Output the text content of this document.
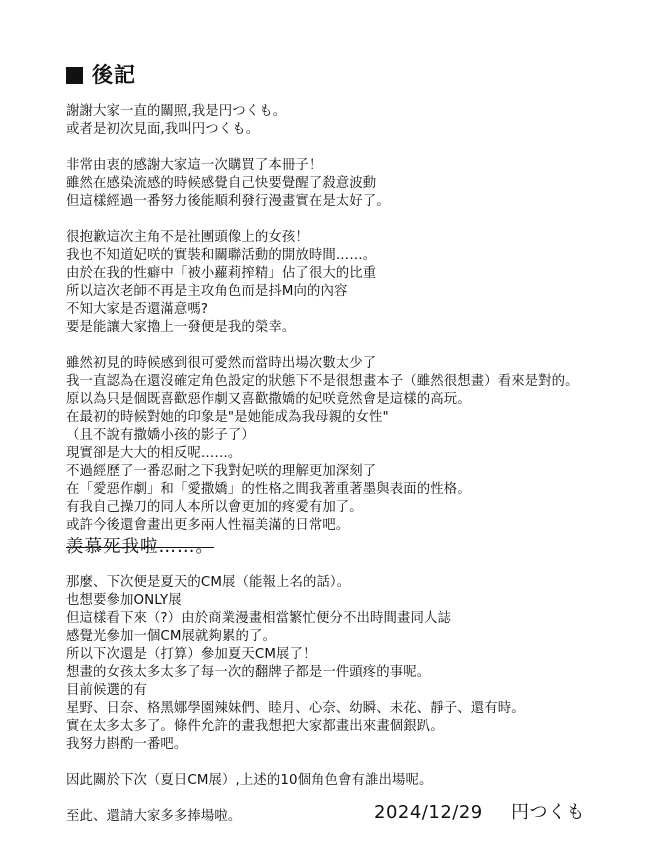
後記
謝謝大家一直的關照,我是円つくも。
或者是初次見面,我叫円つくも。
非常由衷的感謝大家這一次購買了本冊子！
雖然在感染流感的時候感覺自己快要覺醒了殺意波動
但這樣經過一番努力後能順利發行漫畫實在是太好了。
很抱歉這次主角不是社團頭像上的女孩！
我也不知道妃咲的實裝和關聯活動的開放時間……。
由於在我的性癖中「被小蘿莉搾精」佔了很大的比重
所以這次老師不再是主攻角色而是抖M向的內容
不知大家是否還滿意嗎?
要是能讓大家擼上一發便是我的榮幸。
雖然初見的時候感到很可愛然而當時出場次數太少了
我一直認為在還沒確定角色設定的狀態下不是很想畫本子（雖然很想畫）看來是對的。
原以為只是個既喜歡惡作劇又喜歡撒嬌的妃咲竟然會是這樣的高玩。
在最初的時候對她的印象是"是她能成為我母親的女性"
（且不說有撒嬌小孩的影子了）
現實卻是大大的相反呢……。
不過經歷了一番忍耐之下我對妃咲的理解更加深刻了
在「愛惡作劇」和「愛撒嬌」的性格之間我著重著墨與表面的性格。
有我自己操刀的同人本所以會更加的疼愛有加了。
或許今後還會畫出更多兩人性福美滿的日常吧。
羨慕死我啦……。
那麼、下次便是夏天的CM展（能報上名的話）。
也想要參加ONLY展
但這樣看下來（?）由於商業漫畫相當繁忙便分不出時間畫同人誌
感覺光參加一個CM展就夠累的了。
所以下次還是（打算）參加夏天CM展了！
想畫的女孩太多太多了每一次的翻牌子都是一件頭疼的事呢。
目前候選的有
星野、日奈、格黑娜學園辣妹們、睦月、心奈、幼瞬、未花、靜子、還有時。
實在太多太多了。條件允許的畫我想把大家都畫出來畫個銀趴。
我努力斟酌一番吧。
因此關於下次（夏日CM展）,上述的10個角色會有誰出場呢。
至此、還請大家多多捧場啦。	2024/12/29 円つくも
